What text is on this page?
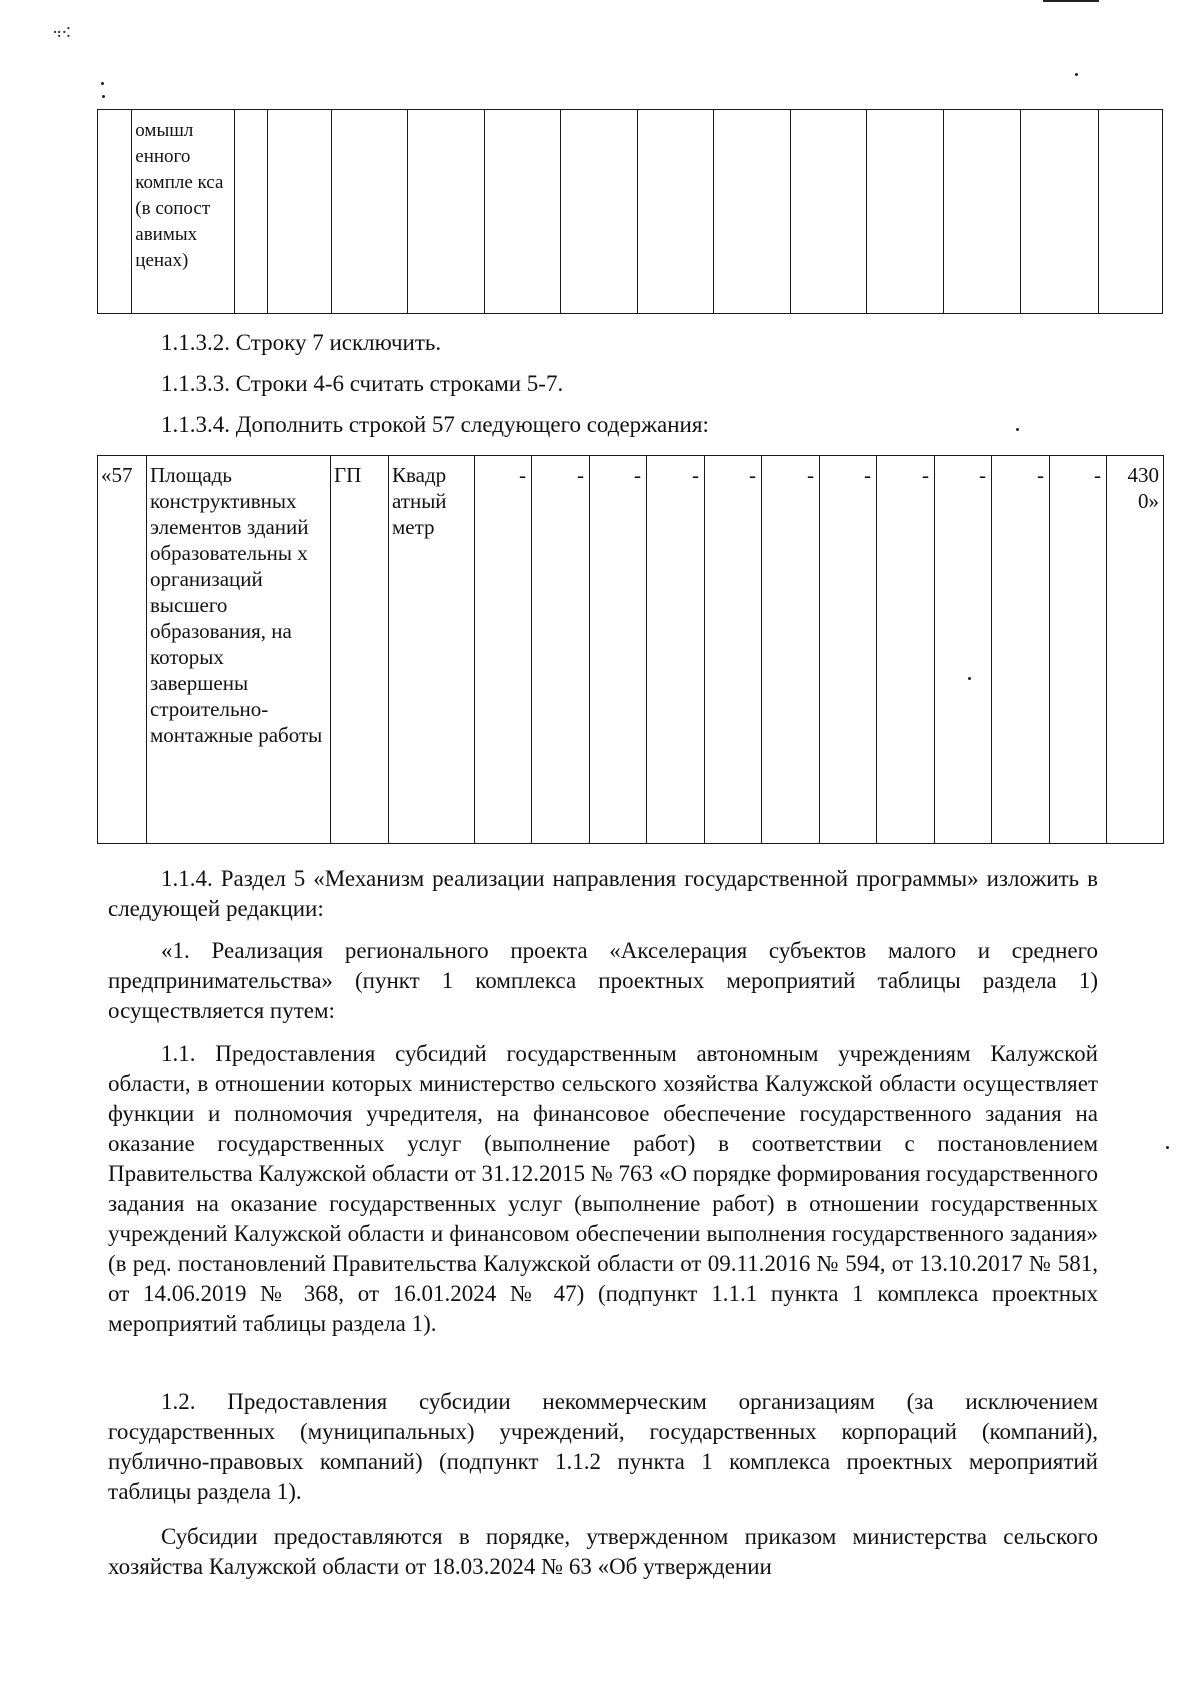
⠲⠪
	омышл енного компле кса (в сопост авимых ценах)													
1.1.3.2. Строку 7 исключить.
1.1.3.3. Строки 4-6 считать строками 5-7.
1.1.3.4. Дополнить строкой 57 следующего содержания:
«57	Площадь конструктивных элементов зданий образовательны х организаций высшего образования, на которых завершены строительно-монтажные работы	ГП	Квадр атный метр	-	-	-	-	-	-	-	-	-	-	-	430 0»
1.1.4. Раздел 5 «Механизм реализации направления государственной программы» изложить в следующей редакции:
«1. Реализация регионального проекта «Акселерация субъектов малого и среднего предпринимательства» (пункт 1 комплекса проектных мероприятий таблицы раздела 1) осуществляется путем:
1.1. Предоставления субсидий государственным автономным учреждениям Калужской области, в отношении которых министерство сельского хозяйства Калужской области осуществляет функции и полномочия учредителя, на финансовое обеспечение государственного задания на оказание государственных услуг (выполнение работ) в соответствии с постановлением Правительства Калужской области от 31.12.2015 № 763 «О порядке формирования государственного задания на оказание государственных услуг (выполнение работ) в отношении государственных учреждений Калужской области и финансовом обеспечении выполнения государственного задания» (в ред. постановлений Правительства Калужской области от 09.11.2016 № 594, от 13.10.2017 № 581, от 14.06.2019 № 368, от 16.01.2024 № 47) (подпункт 1.1.1 пункта 1 комплекса проектных мероприятий таблицы раздела 1).
1.2. Предоставления субсидии некоммерческим организациям (за исключением государственных (муниципальных) учреждений, государственных корпораций (компаний), публично-правовых компаний) (подпункт 1.1.2 пункта 1 комплекса проектных мероприятий таблицы раздела 1).
Субсидии предоставляются в порядке, утвержденном приказом министерства сельского хозяйства Калужской области от 18.03.2024 № 63 «Об утверждении
